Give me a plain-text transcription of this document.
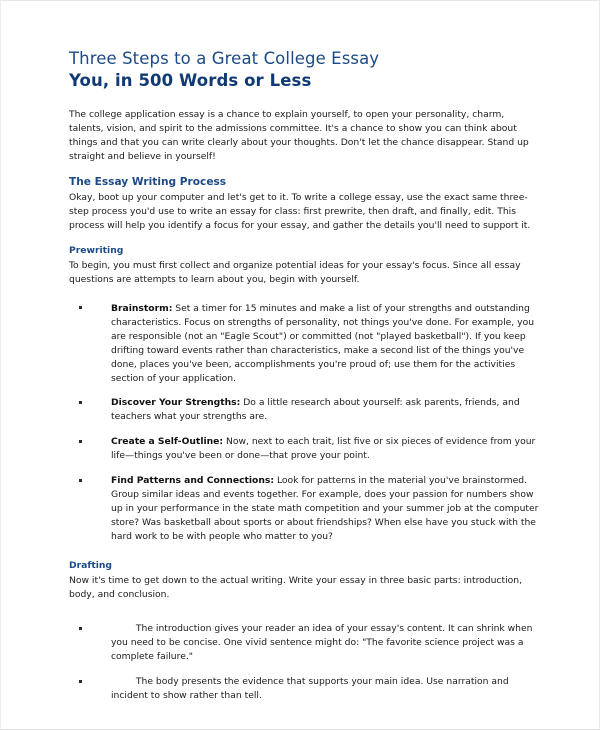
Three Steps to a Great College Essay
You, in 500 Words or Less

The college application essay is a chance to explain yourself, to open your personality, charm, talents, vision, and spirit to the admissions committee. It's a chance to show you can think about things and that you can write clearly about your thoughts. Don't let the chance disappear. Stand up straight and believe in yourself!

The Essay Writing Process

Okay, boot up your computer and let's get to it. To write a college essay, use the exact same three-step process you'd use to write an essay for class: first prewrite, then draft, and finally, edit. This process will help you identify a focus for your essay, and gather the details you'll need to support it.

Prewriting

To begin, you must first collect and organize potential ideas for your essay's focus. Since all essay questions are attempts to learn about you, begin with yourself.

Brainstorm: Set a timer for 15 minutes and make a list of your strengths and outstanding characteristics. Focus on strengths of personality, not things you've done. For example, you are responsible (not an "Eagle Scout") or committed (not "played basketball"). If you keep drifting toward events rather than characteristics, make a second list of the things you've done, places you've been, accomplishments you're proud of; use them for the activities section of your application.
Discover Your Strengths: Do a little research about yourself: ask parents, friends, and teachers what your strengths are.
Create a Self-Outline: Now, next to each trait, list five or six pieces of evidence from your life—things you've been or done—that prove your point.
Find Patterns and Connections: Look for patterns in the material you've brainstormed. Group similar ideas and events together. For example, does your passion for numbers show up in your performance in the state math competition and your summer job at the computer store? Was basketball about sports or about friendships? When else have you stuck with the hard work to be with people who matter to you?
Drafting

Now it's time to get down to the actual writing. Write your essay in three basic parts: introduction, body, and conclusion.

The introduction gives your reader an idea of your essay's content. It can shrink when you need to be concise. One vivid sentence might do: "The favorite science project was a complete failure."
The body presents the evidence that supports your main idea. Use narration and incident to show rather than tell.
